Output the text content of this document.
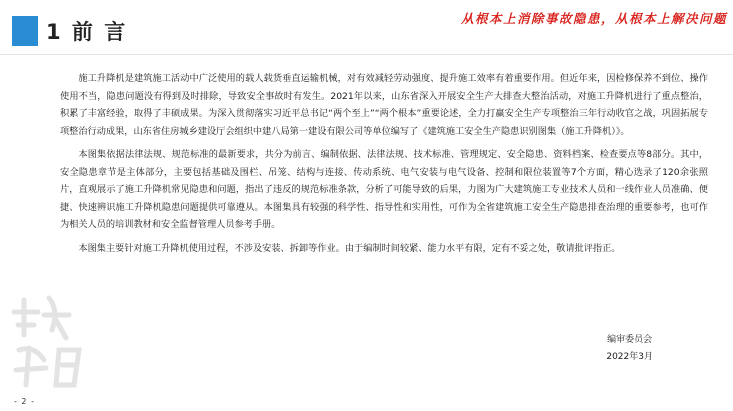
1 前 言
从根本上消除事故隐患，从根本上解决问题

施工升降机是建筑施工活动中广泛使用的载人载货垂直运输机械，对有效减轻劳动强度、提升施工效率有着重要作用。但近年来，因检修保养不到位、操作使用不当，隐患问题没有得到及时排除，导致安全事故时有发生。2021年以来，山东省深入开展安全生产大排查大整治活动，对施工升降机进行了重点整治，积累了丰富经验，取得了丰硕成果。为深入贯彻落实习近平总书记“两个至上”“两个根本”重要论述，全力打赢安全生产专项整治三年行动收官之战，巩固拓展专项整治行动成果，山东省住房城乡建设厅会组织中建八局第一建设有限公司等单位编写了《建筑施工安全生产隐患识别图集（施工升降机）》。

本图集依据法律法规、规范标准的最新要求，共分为前言、编制依据、法律法规、技术标准、管理规定、安全隐患、资料档案、检查要点等8部分。其中，安全隐患章节是主体部分，主要包括基础及围栏、吊笼、结构与连接、传动系统、电气安装与电气设备、控制和限位装置等7个方面，精心选录了120余张照片，直观展示了施工升降机常见隐患和问题，指出了违反的规范标准条款，分析了可能导致的后果，力图为广大建筑施工专业技术人员和一线作业人员准确、便捷、快速辨识施工升降机隐患问题提供可靠遵从。本图集具有较强的科学性、指导性和实用性，可作为全省建筑施工安全生产隐患排查治理的重要参考，也可作为相关人员的培训教材和安全监督管理人员参考手册。

本图集主要针对施工升降机使用过程，不涉及安装、拆卸等作业。由于编制时间较紧、能力水平有限，定有不妥之处，敬请批评指正。

编审委员会
2022年3月
- 2 -
